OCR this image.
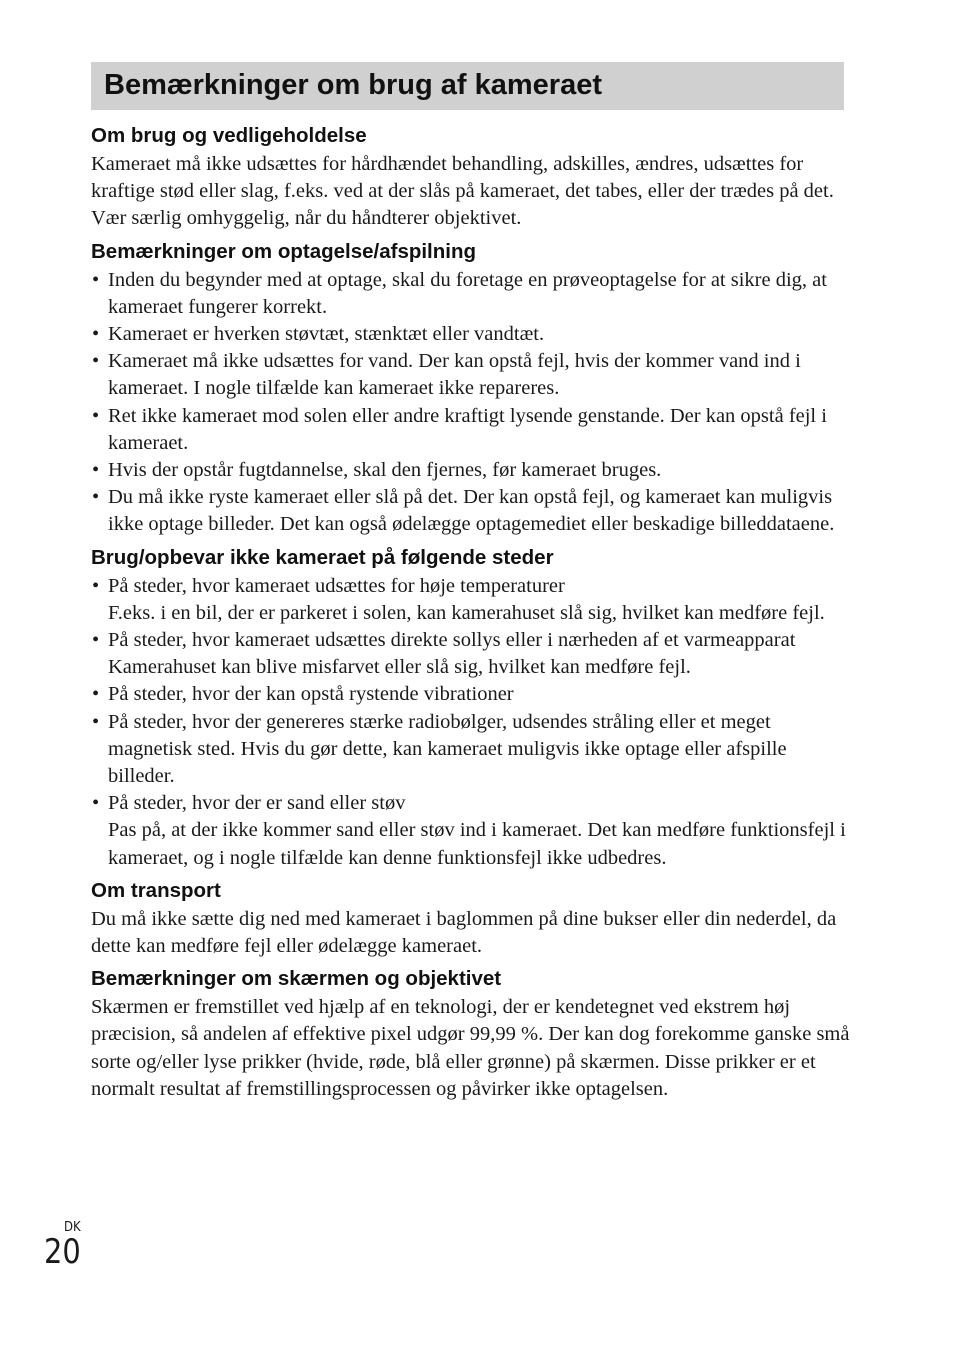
Bemærkninger om brug af kameraet
Om brug og vedligeholdelse

Kameraet må ikke udsættes for hårdhændet behandling, adskilles, ændres, udsættes for kraftige stød eller slag, f.eks. ved at der slås på kameraet, det tabes, eller der trædes på det. Vær særlig omhyggelig, når du håndterer objektivet.

Bemærkninger om optagelse/afspilning
• Inden du begynder med at optage, skal du foretage en prøveoptagelse for at sikre dig, at kameraet fungerer korrekt.
• Kameraet er hverken støvtæt, stænktæt eller vandtæt.
• Kameraet må ikke udsættes for vand. Der kan opstå fejl, hvis der kommer vand ind i kameraet. I nogle tilfælde kan kameraet ikke repareres.
• Ret ikke kameraet mod solen eller andre kraftigt lysende genstande. Der kan opstå fejl i kameraet.
• Hvis der opstår fugtdannelse, skal den fjernes, før kameraet bruges.
• Du må ikke ryste kameraet eller slå på det. Der kan opstå fejl, og kameraet kan muligvis ikke optage billeder. Det kan også ødelægge optagemediet eller beskadige billeddataene.
Brug/opbevar ikke kameraet på følgende steder
• På steder, hvor kameraet udsættes for høje temperaturer
F.eks. i en bil, der er parkeret i solen, kan kamerahuset slå sig, hvilket kan medføre fejl.
• På steder, hvor kameraet udsættes direkte sollys eller i nærheden af et varmeapparat
Kamerahuset kan blive misfarvet eller slå sig, hvilket kan medføre fejl.
• På steder, hvor der kan opstå rystende vibrationer
• På steder, hvor der genereres stærke radiobølger, udsendes stråling eller et meget magnetisk sted. Hvis du gør dette, kan kameraet muligvis ikke optage eller afspille billeder.
• På steder, hvor der er sand eller støv
Pas på, at der ikke kommer sand eller støv ind i kameraet. Det kan medføre funktionsfejl i kameraet, og i nogle tilfælde kan denne funktionsfejl ikke udbedres.
Om transport

Du må ikke sætte dig ned med kameraet i baglommen på dine bukser eller din nederdel, da dette kan medføre fejl eller ødelægge kameraet.

Bemærkninger om skærmen og objektivet

Skærmen er fremstillet ved hjælp af en teknologi, der er kendetegnet ved ekstrem høj præcision, så andelen af effektive pixel udgør 99,99 %. Der kan dog forekomme ganske små sorte og/eller lyse prikker (hvide, røde, blå eller grønne) på skærmen. Disse prikker er et normalt resultat af fremstillingsprocessen og påvirker ikke optagelsen.

DK
20
